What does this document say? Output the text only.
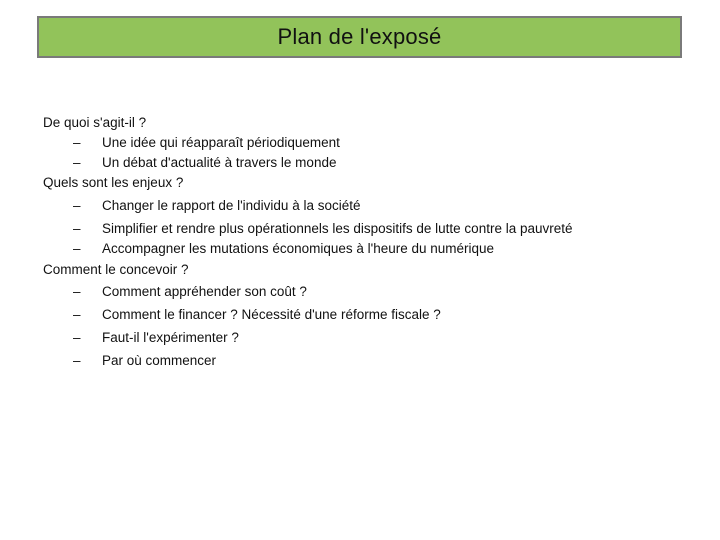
Plan de l'exposé
De quoi s'agit-il ?
– Une idée qui réapparaît périodiquement
– Un débat d'actualité à travers le monde
Quels sont les enjeux ?
– Changer le rapport de l'individu à la société
– Simplifier et rendre plus opérationnels les dispositifs de lutte contre la pauvreté
– Accompagner les mutations économiques à l'heure du numérique
Comment le concevoir ?
– Comment appréhender son coût ?
– Comment le financer ? Nécessité d'une réforme fiscale ?
– Faut-il l'expérimenter ?
– Par où commencer
